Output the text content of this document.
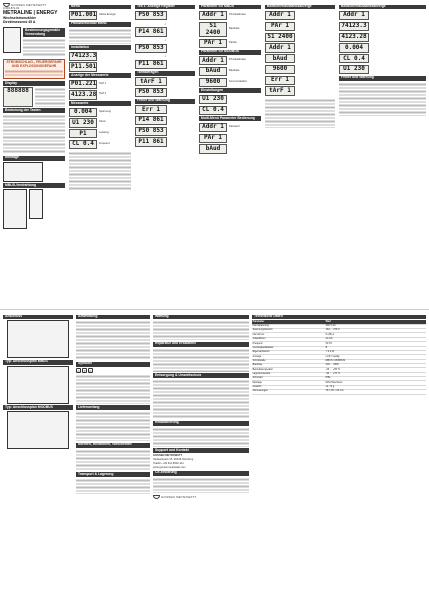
GOSSEN METRAWATT
3-349-871-04
METRALINE | ENERGY
Wechselstromzähler
Direktmessend 45 A
Bestimmungsgemäße Verwendung
STROMSCHLAG-, FEUERGEFAHR UND EXPLOSIONSGEFAHR
Display
888888
Bedeutung der Tasten
Montage
MBUS-Verdrahtung
Menü
P01.001 Aktive Energie
Passwortschutz Menü
Installation
74123.3
P11.501
Anzeige der Messwerte
P01.221 Tarif 1
4123.28 Tarif 2
Messwerte
0.004	Spannung
U1 230	Strom
P1	Leistung
CL 0.4	Frequenz
Teil 1: Anzeige Register
PS0 853
↓
P14 861
↓
PS0 853
↓
P11 861
Tarifabfragen
tArF 1
PS0 853
Fehler und Warnung
Err 1
P14 861
PS0 853
P11 861
Parameter für MBUS
Addr 1	Primäradresse
S1 2400	Baudrate
PAr 1	Parität
Parameter für MODBUS
Addr 1	Primäradresse
bAud	Baudrate
9600	Kommunikation
Einstellungen
U1 230
CL 0.4
Multi-Menü Parameter Bedienung
Addr 1	Passwort
PAr 1
bAud
Bildschirmzustandsanzeige
Addr 1
PAr 1
S1 2400
Addr 1
bAud
9600
Err 1
tArF 1
Bildschirmzustandsanzeige
Addr 1
74123.3
4123.28
0.004
CL 0.4
U1 230
Fehler und Warnung
Anschluss
Typ: Anschlussplan MBUS
Typ: Anschlussplan MODBUS
Anwendung
Symbole
⚠ ✕ C
Lieferumfang
Normen, Richtlinien, Vorschriften
Transport & Lagerung
Wartung
Reparatur und Ersatzteile
Entsorgung & Umweltschutz
Rekalibrierung
Support und Kontakt
GOSSEN METRAWATT
Südwestpark 15, 90449 Nürnberg
Telefon +49 911 8602-111
www.gossenmetrawatt.com
CE-Erklärung
GOSSEN METRAWATT
Technische Daten
Parameter	Wert
Nennspannung	230 V AC
Spannungsbereich	184 … 276 V
Nennstrom	5 (45) A
Anlaufstrom	20 mA
Frequenz	50 Hz
Genauigkeitsklasse	B
Eigenverbrauch	< 0,4 W
Anzeige	LCD 7-stellig
Schnittstelle	MBUS / MODBUS
Baudrate	300 … 9600
Betriebstemperatur	-25 … +55 °C
Lagertemperatur	-40 … +70 °C
Schutzart	IP51
Montage	DIN-Hutschiene
Gewicht	ca. 70 g
Abmessungen	18 × 90 × 62 mm
